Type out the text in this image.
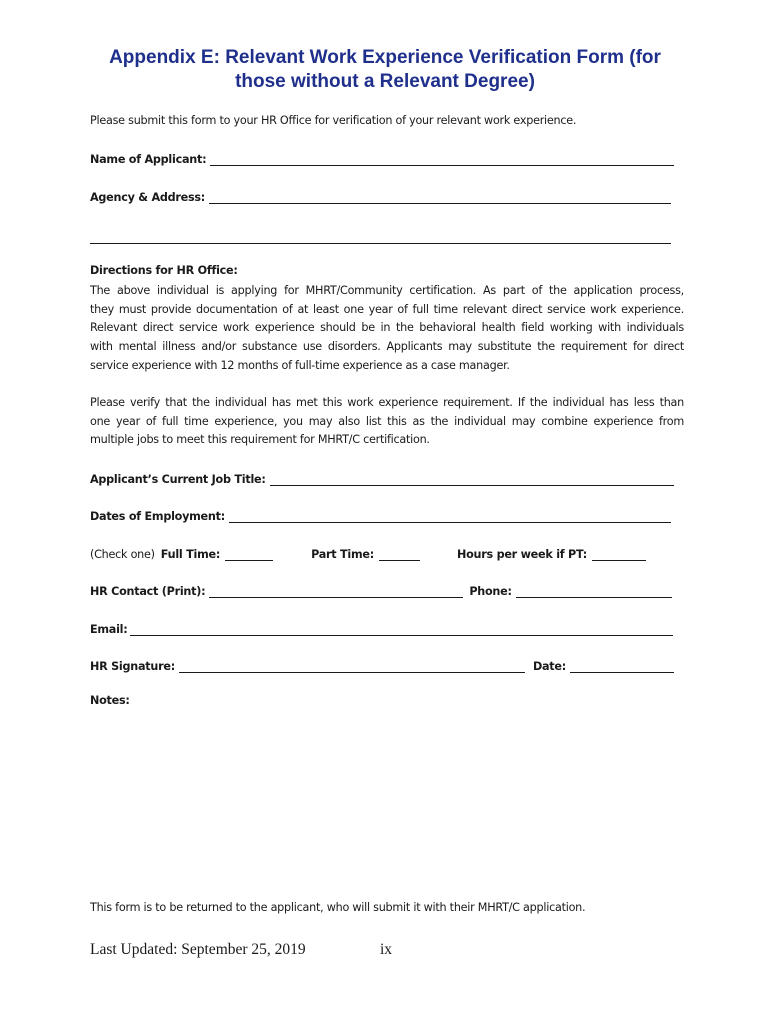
Appendix E: Relevant Work Experience Verification Form (for
those without a Relevant Degree)
Please submit this form to your HR Office for verification of your relevant work experience.
Name of Applicant:
Agency & Address:
Directions for HR Office:
The above individual is applying for MHRT/Community certification. As part of the application process,
they must provide documentation of at least one year of full time relevant direct service work experience.
Relevant direct service work experience should be in the behavioral health field working with individuals
with mental illness and/or substance use disorders. Applicants may substitute the requirement for direct
service experience with 12 months of full-time experience as a case manager.
Please verify that the individual has met this work experience requirement. If the individual has less than
one year of full time experience, you may also list this as the individual may combine experience from
multiple jobs to meet this requirement for MHRT/C certification.
Applicant’s Current Job Title:
Dates of Employment:
(Check one) Full Time:	Part Time:	Hours per week if PT:
HR Contact (Print):	Phone:
Email:
HR Signature:	Date:
Notes:
This form is to be returned to the applicant, who will submit it with their MHRT/C application.
Last Updated: September 25, 2019	ix
